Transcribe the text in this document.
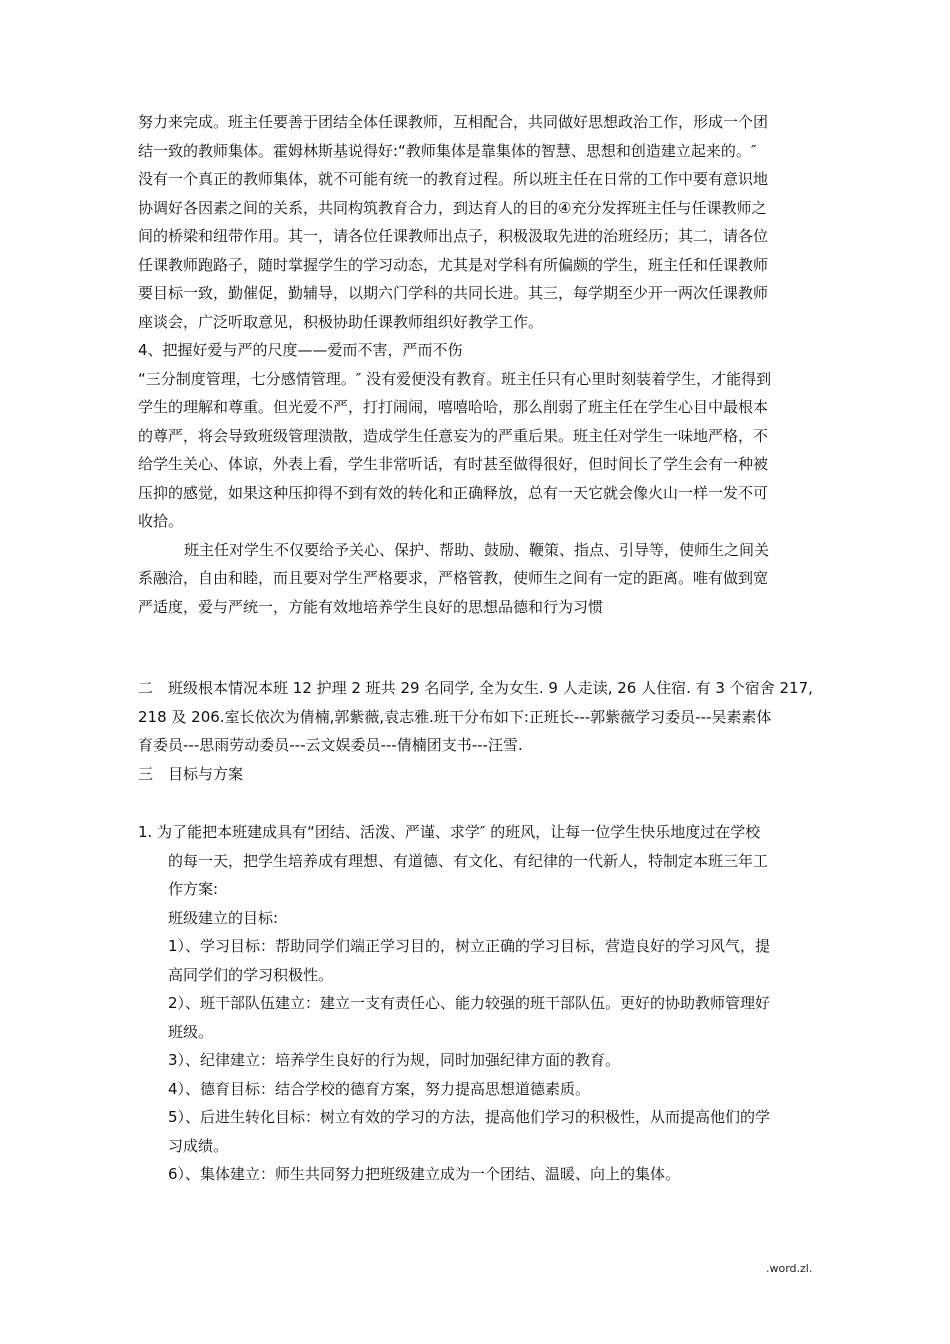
努力来完成。班主任要善于团结全体任课教师，互相配合，共同做好思想政治工作，形成一个团
结一致的教师集体。霍姆林斯基说得好:“教师集体是靠集体的智慧、思想和创造建立起来的。″
没有一个真正的教师集体，就不可能有统一的教育过程。所以班主任在日常的工作中要有意识地
协调好各因素之间的关系，共同构筑教育合力，到达育人的目的④充分发挥班主任与任课教师之
间的桥梁和纽带作用。其一，请各位任课教师出点子，积极汲取先进的治班经历；其二，请各位
任课教师跑路子，随时掌握学生的学习动态，尤其是对学科有所偏颇的学生，班主任和任课教师
要目标一致，勤催促，勤辅导，以期六门学科的共同长进。其三，每学期至少开一两次任课教师
座谈会，广泛听取意见，积极协助任课教师组织好教学工作。
4、把握好爱与严的尺度——爱而不害，严而不伤
“三分制度管理，七分感情管理。″ 没有爱便没有教育。班主任只有心里时刻装着学生，才能得到
学生的理解和尊重。但光爱不严，打打闹闹，嘻嘻哈哈，那么削弱了班主任在学生心目中最根本
的尊严，将会导致班级管理溃散，造成学生任意妄为的严重后果。班主任对学生一味地严格，不
给学生关心、体谅，外表上看，学生非常听话，有时甚至做得很好，但时间长了学生会有一种被
压抑的感觉，如果这种压抑得不到有效的转化和正确释放，总有一天它就会像火山一样一发不可
收拾。
班主任对学生不仅要给予关心、保护、帮助、鼓励、鞭策、指点、引导等，使师生之间关
系融洽，自由和睦，而且要对学生严格要求，严格管教，使师生之间有一定的距离。唯有做到宽
严适度，爱与严统一，方能有效地培养学生良好的思想品德和行为习惯
二　班级根本情况本班 12 护理 2 班共 29 名同学, 全为女生. 9 人走读, 26 人住宿. 有 3 个宿舍 217,
218 及 206.室长依次为倩楠,郭紫薇,袁志雅.班干分布如下:正班长---郭紫薇学习委员---吴素素体
育委员---思雨劳动委员---云文娱委员---倩楠团支书---汪雪.
三　目标与方案
1. 为了能把本班建成具有“团结、活泼、严谨、求学″ 的班风，让每一位学生快乐地度过在学校
的每一天，把学生培养成有理想、有道德、有文化、有纪律的一代新人，特制定本班三年工
作方案:
班级建立的目标:
1）、学习目标：帮助同学们端正学习目的，树立正确的学习目标，营造良好的学习风气，提
高同学们的学习积极性。
2）、班干部队伍建立：建立一支有责任心、能力较强的班干部队伍。更好的协助教师管理好
班级。
3）、纪律建立：培养学生良好的行为规，同时加强纪律方面的教育。
4）、德育目标：结合学校的德育方案，努力提高思想道德素质。
5）、后进生转化目标：树立有效的学习的方法，提高他们学习的积极性，从而提高他们的学
习成绩。
6）、集体建立：师生共同努力把班级建立成为一个团结、温暖、向上的集体。
.word.zl.
